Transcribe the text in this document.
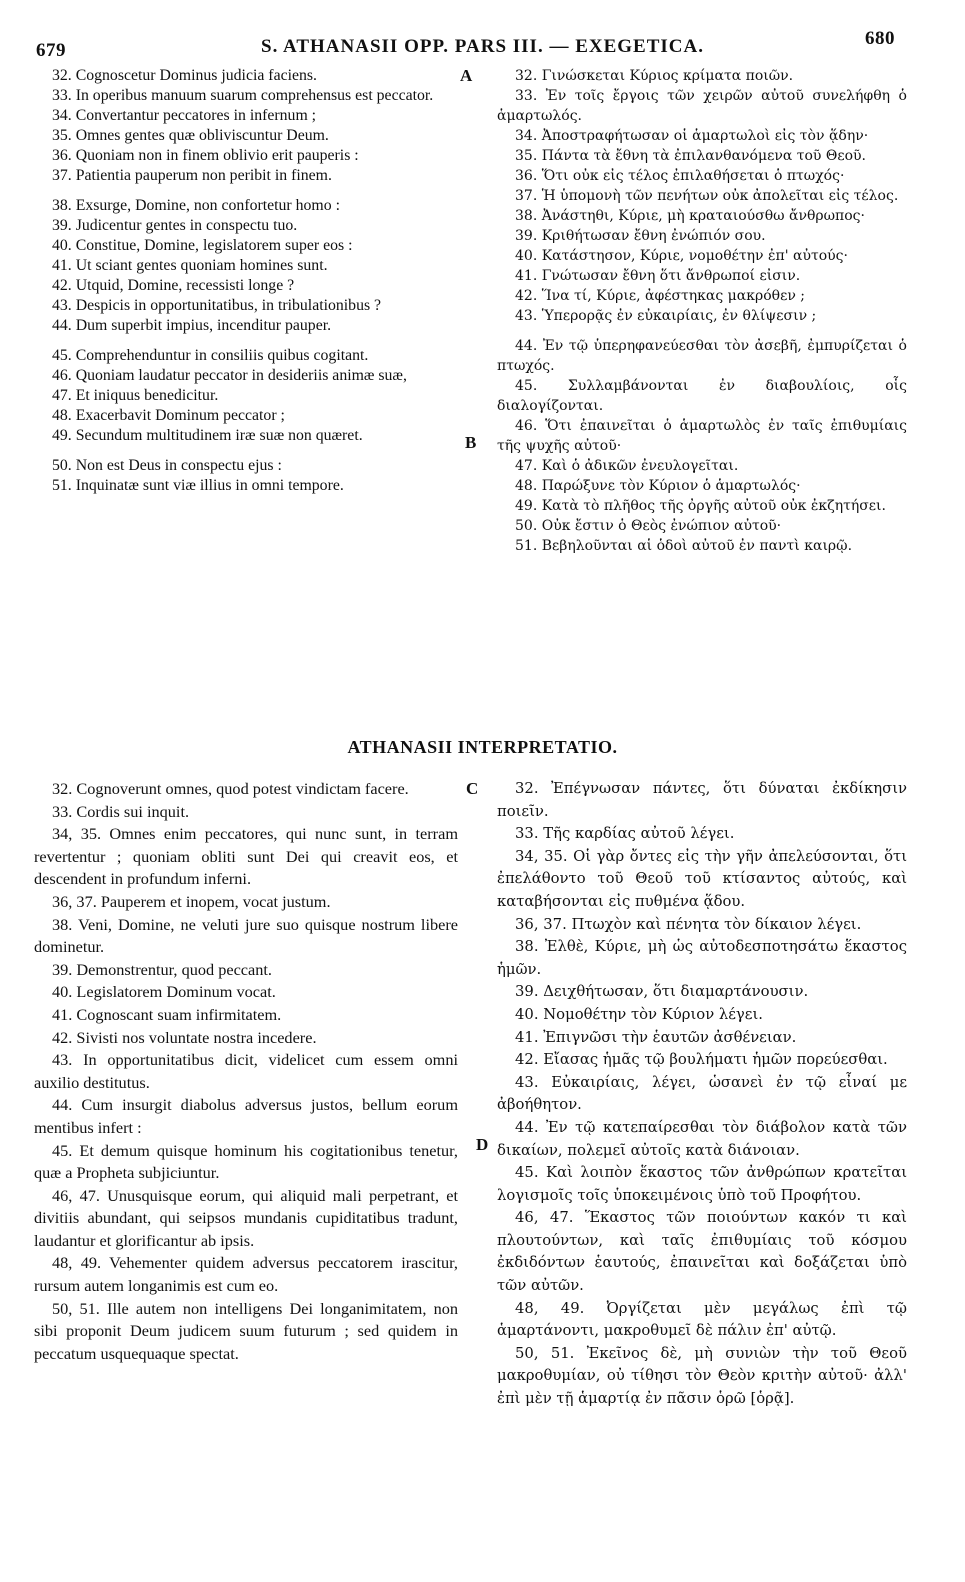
679	S. ATHANASII OPP. PARS III. — EXEGETICA.	680

32. Cognoscetur Dominus judicia faciens.

33. In operibus manuum suarum comprehensus est peccator.

34. Convertantur peccatores in infernum ;

35. Omnes gentes quæ obliviscuntur Deum.

36. Quoniam non in finem oblivio erit pauperis :

37. Patientia pauperum non peribit in finem.

38. Exsurge, Domine, non confortetur homo :

39. Judicentur gentes in conspectu tuo.

40. Constitue, Domine, legislatorem super eos :

41. Ut sciant gentes quoniam homines sunt.

42. Utquid, Domine, recessisti longe ?

43. Despicis in opportunitatibus, in tribulationibus ?

44. Dum superbit impius, incenditur pauper.

45. Comprehenduntur in consiliis quibus cogitant.

46. Quoniam laudatur peccator in desideriis animæ suæ,

47. Et iniquus benedicitur.

48. Exacerbavit Dominum peccator ;

49. Secundum multitudinem iræ suæ non quæret.

50. Non est Deus in conspectu ejus :

51. Inquinatæ sunt viæ illius in omni tempore.

32. Γινώσκεται Κύριος κρίματα ποιῶν.

33. Ἐν τοῖς ἔργοις τῶν χειρῶν αὐτοῦ συνελήφθη ὁ ἁμαρτωλός.

34. Ἀποστραφήτωσαν οἱ ἁμαρτωλοὶ εἰς τὸν ᾅδην·

35. Πάντα τὰ ἔθνη τὰ ἐπιλανθανόμενα τοῦ Θεοῦ.

36. Ὅτι οὐκ εἰς τέλος ἐπιλαθήσεται ὁ πτωχός·

37. Ἡ ὑπομονὴ τῶν πενήτων οὐκ ἀπολεῖται εἰς τέλος.

38. Ἀνάστηθι, Κύριε, μὴ κραταιούσθω ἄνθρωπος·

39. Κριθήτωσαν ἔθνη ἐνώπιόν σου.

40. Κατάστησον, Κύριε, νομοθέτην ἐπ' αὐτούς·

41. Γνώτωσαν ἔθνη ὅτι ἄνθρωποί εἰσιν.

42. Ἵνα τί, Κύριε, ἀφέστηκας μακρόθεν ;

43. Ὑπερορᾷς ἐν εὐκαιρίαις, ἐν θλίψεσιν ;

44. Ἐν τῷ ὑπερηφανεύεσθαι τὸν ἀσεβῆ, ἐμπυρίζεται ὁ πτωχός.

45. Συλλαμβάνονται ἐν διαβουλίοις, οἷς διαλογίζονται.

46. Ὅτι ἐπαινεῖται ὁ ἁμαρτωλὸς ἐν ταῖς ἐπιθυμίαις τῆς ψυχῆς αὐτοῦ·

47. Καὶ ὁ ἀδικῶν ἐνευλογεῖται.

48. Παρώξυνε τὸν Κύριον ὁ ἁμαρτωλός·

49. Κατὰ τὸ πλῆθος τῆς ὀργῆς αὐτοῦ οὐκ ἐκζητήσει.

50. Οὐκ ἔστιν ὁ Θεὸς ἐνώπιον αὐτοῦ·

51. Βεβηλοῦνται αἱ ὁδοὶ αὐτοῦ ἐν παντὶ καιρῷ.

ATHANASII INTERPRETATIO.

32. Cognoverunt omnes, quod potest vindictam facere.

33. Cordis sui inquit.

34, 35. Omnes enim peccatores, qui nunc sunt, in terram revertentur ; quoniam obliti sunt Dei qui creavit eos, et descendent in profundum inferni.

36, 37. Pauperem et inopem, vocat justum.

38. Veni, Domine, ne veluti jure suo quisque nostrum libere dominetur.

39. Demonstrentur, quod peccant.

40. Legislatorem Dominum vocat.

41. Cognoscant suam infirmitatem.

42. Sivisti nos voluntate nostra incedere.

43. In opportunitatibus dicit, videlicet cum essem omni auxilio destitutus.

44. Cum insurgit diabolus adversus justos, bellum eorum mentibus infert :

45. Et demum quisque hominum his cogitationibus tenetur, quæ a Propheta subjiciuntur.

46, 47. Unusquisque eorum, qui aliquid mali perpetrant, et divitiis abundant, qui seipsos mundanis cupiditatibus tradunt, laudantur et glorificantur ab ipsis.

48, 49. Vehementer quidem adversus peccatorem irascitur, rursum autem longanimis est cum eo.

50, 51. Ille autem non intelligens Dei longanimitatem, non sibi proponit Deum judicem suum futurum ; sed quidem in peccatum usquequaque spectat.

32. Ἐπέγνωσαν πάντες, ὅτι δύναται ἐκδίκησιν ποιεῖν.

33. Τῆς καρδίας αὐτοῦ λέγει.

34, 35. Οἱ γὰρ ὄντες εἰς τὴν γῆν ἀπελεύσονται, ὅτι ἐπελάθοντο τοῦ Θεοῦ τοῦ κτίσαντος αὐτούς, καὶ καταβήσονται εἰς πυθμένα ᾅδου.

36, 37. Πτωχὸν καὶ πένητα τὸν δίκαιον λέγει.

38. Ἐλθὲ, Κύριε, μὴ ὡς αὐτοδεσποτησάτω ἕκαστος ἡμῶν.

39. Δειχθήτωσαν, ὅτι διαμαρτάνουσιν.

40. Νομοθέτην τὸν Κύριον λέγει.

41. Ἐπιγνῶσι τὴν ἑαυτῶν ἀσθένειαν.

42. Εἴασας ἡμᾶς τῷ βουλήματι ἡμῶν πορεύεσθαι.

43. Εὐκαιρίαις, λέγει, ὡσανεὶ ἐν τῷ εἶναί με ἀβοήθητον.

44. Ἐν τῷ κατεπαίρεσθαι τὸν διάβολον κατὰ τῶν δικαίων, πολεμεῖ αὐτοῖς κατὰ διάνοιαν.

45. Καὶ λοιπὸν ἕκαστος τῶν ἀνθρώπων κρατεῖται λογισμοῖς τοῖς ὑποκειμένοις ὑπὸ τοῦ Προφήτου.

46, 47. Ἕκαστος τῶν ποιούντων κακόν τι καὶ πλουτούντων, καὶ ταῖς ἐπιθυμίαις τοῦ κόσμου ἐκδιδόντων ἑαυτούς, ἐπαινεῖται καὶ δοξάζεται ὑπὸ τῶν αὐτῶν.

48, 49. Ὀργίζεται μὲν μεγάλως ἐπὶ τῷ ἁμαρτάνοντι, μακροθυμεῖ δὲ πάλιν ἐπ' αὐτῷ.

50, 51. Ἐκεῖνος δὲ, μὴ συνιὼν τὴν τοῦ Θεοῦ μακροθυμίαν, οὐ τίθησι τὸν Θεὸν κριτὴν αὐτοῦ· ἀλλ' ἐπὶ μὲν τῇ ἁμαρτίᾳ ἐν πᾶσιν ὁρῶ [ὁρᾷ].

A
B
C
D
